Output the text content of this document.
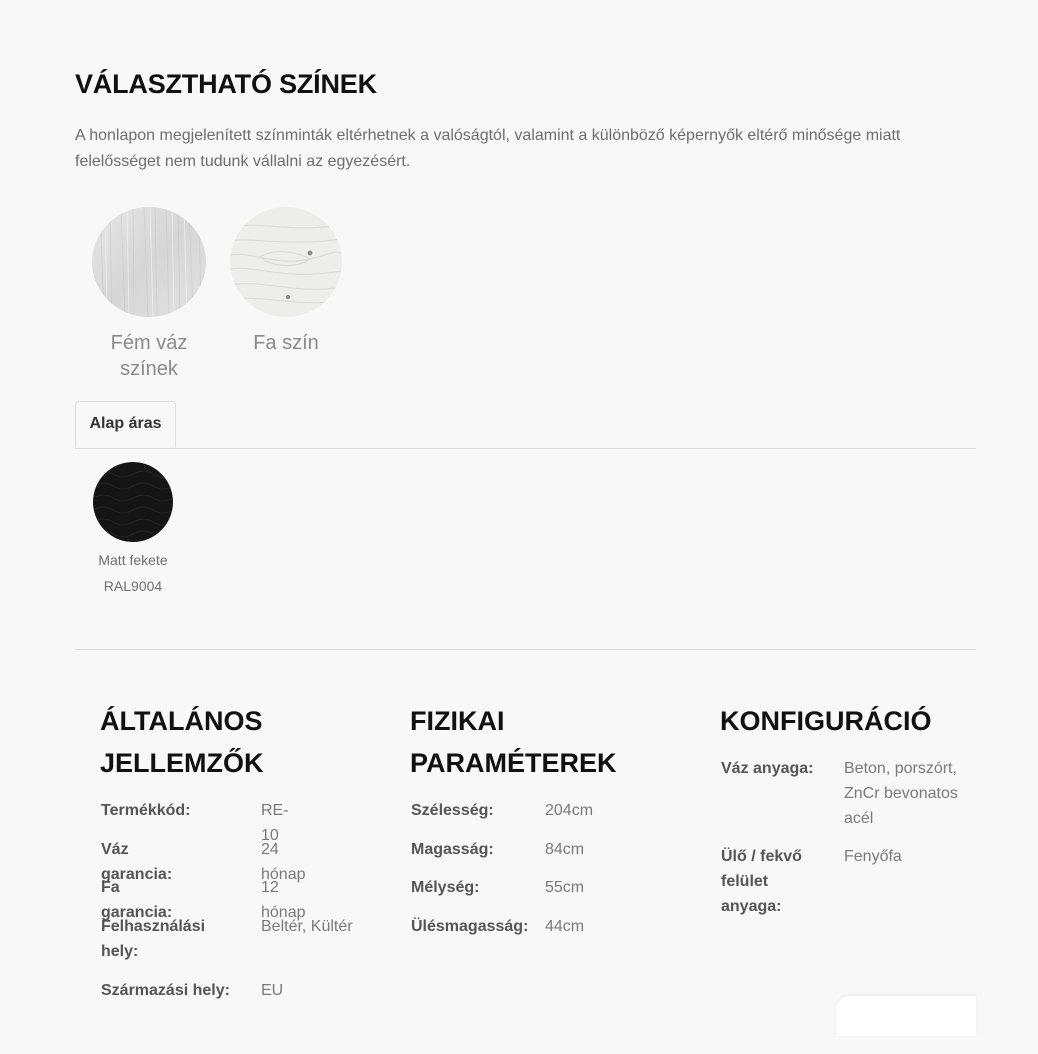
VÁLASZTHATÓ SZÍNEK

A honlapon megjelenített színminták eltérhetnek a valóságtól, valamint a különböző képernyők eltérő minősége miatt felelősséget nem tudunk vállalni az egyezésért.

Fém váz
színek
Fa szín
Alap áras
Matt fekete
RAL9004
ÁLTALÁNOS
JELLEMZŐK
Termékkód:	RE-10
Váz garancia:
24 hónap
Fa garancia:
12 hónap
Felhasználási
hely:
Beltér, Kültér
Származási hely: EU
FIZIKAI
PARAMÉTEREK
Szélesség:	204cm
Magasság:	84cm
Mélység:	55cm
Ülésmagasság: 44cm
KONFIGURÁCIÓ
Váz anyaga: Beton, porszórt,
ZnCr bevonatos
acél
Ülő / fekvő
felület
anyaga:
Fenyőfa
